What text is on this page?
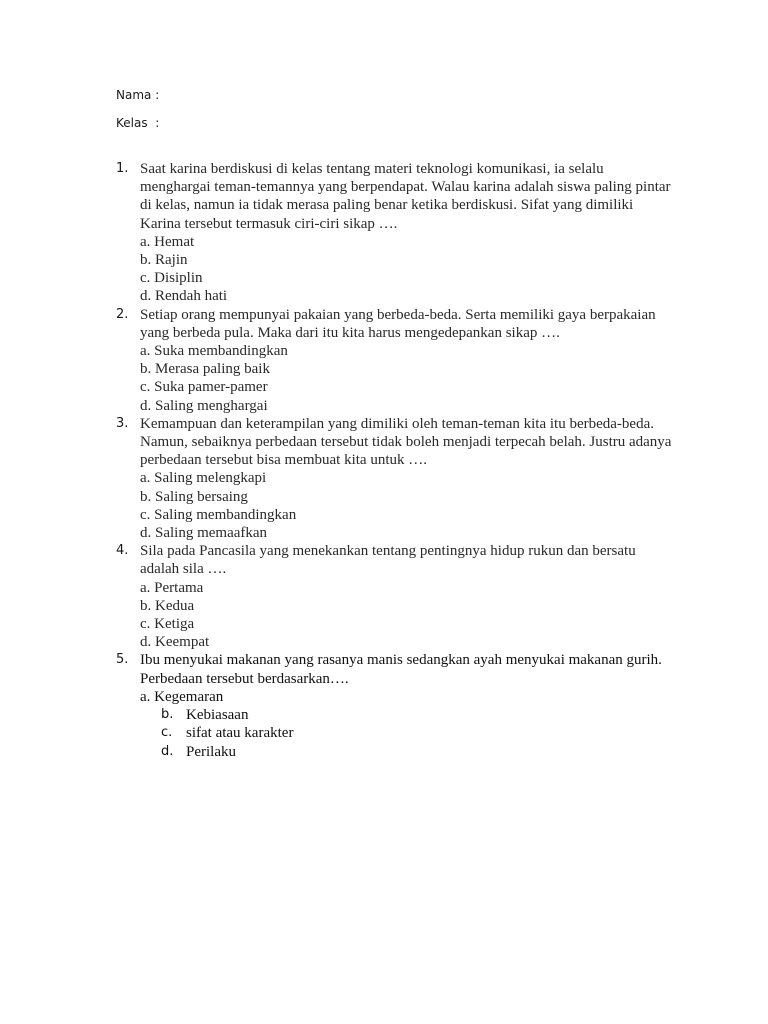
Nama :
Kelas  :
1. Saat karina berdiskusi di kelas tentang materi teknologi komunikasi, ia selalu menghargai teman-temannya yang berpendapat. Walau karina adalah siswa paling pintar di kelas, namun ia tidak merasa paling benar ketika berdiskusi. Sifat yang dimiliki Karina tersebut termasuk ciri-ciri sikap ….
a. Hemat
b. Rajin
c. Disiplin
d. Rendah hati
2. Setiap orang mempunyai pakaian yang berbeda-beda. Serta memiliki gaya berpakaian yang berbeda pula. Maka dari itu kita harus mengedepankan sikap ….
a. Suka membandingkan
b. Merasa paling baik
c. Suka pamer-pamer
d. Saling menghargai
3. Kemampuan dan keterampilan yang dimiliki oleh teman-teman kita itu berbeda-beda. Namun, sebaiknya perbedaan tersebut tidak boleh menjadi terpecah belah. Justru adanya perbedaan tersebut bisa membuat kita untuk ….
a. Saling melengkapi
b. Saling bersaing
c. Saling membandingkan
d. Saling memaafkan
4. Sila pada Pancasila yang menekankan tentang pentingnya hidup rukun dan bersatu adalah sila ….
a. Pertama
b. Kedua
c. Ketiga
d. Keempat
5. Ibu menyukai makanan yang rasanya manis sedangkan ayah menyukai makanan gurih. Perbedaan tersebut berdasarkan….
a. Kegemaran
b. Kebiasaan
c. sifat atau karakter
d. Perilaku
